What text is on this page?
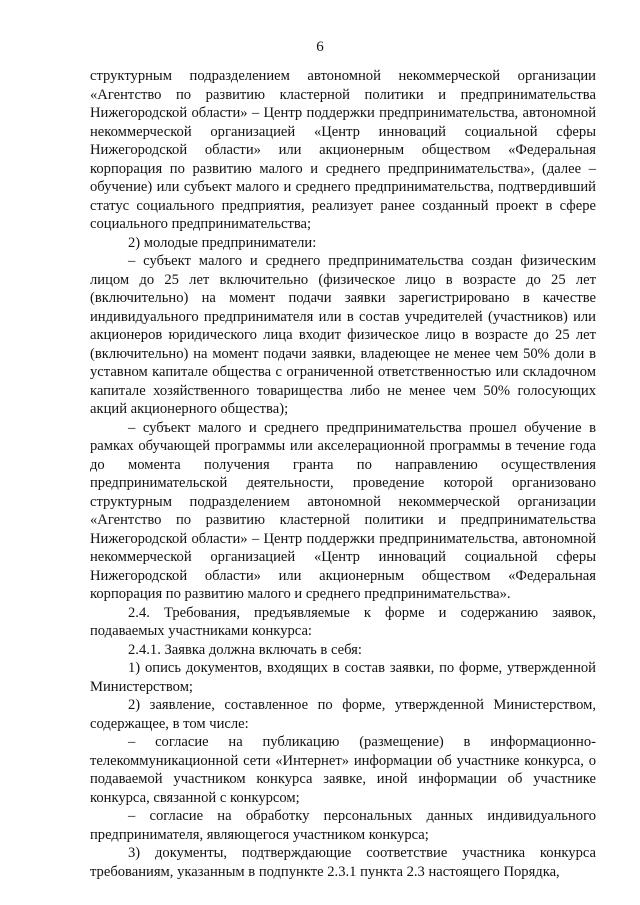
6

структурным подразделением автономной некоммерческой организации «Агентство по развитию кластерной политики и предпринимательства Нижегородской области» – Центр поддержки предпринимательства, автономной некоммерческой организацией «Центр инноваций социальной сферы Нижегородской области» или акционерным обществом «Федеральная корпорация по развитию малого и среднего предпринимательства», (далее – обучение) или субъект малого и среднего предпринимательства, подтвердивший статус социального предприятия, реализует ранее созданный проект в сфере социального предпринимательства;

2) молодые предприниматели:

– субъект малого и среднего предпринимательства создан физическим лицом до 25 лет включительно (физическое лицо в возрасте до 25 лет (включительно) на момент подачи заявки зарегистрировано в качестве индивидуального предпринимателя или в состав учредителей (участников) или акционеров юридического лица входит физическое лицо в возрасте до 25 лет (включительно) на момент подачи заявки, владеющее не менее чем 50% доли в уставном капитале общества с ограниченной ответственностью или складочном капитале хозяйственного товарищества либо не менее чем 50% голосующих акций акционерного общества);

– субъект малого и среднего предпринимательства прошел обучение в рамках обучающей программы или акселерационной программы в течение года до момента получения гранта по направлению осуществления предпринимательской деятельности, проведение которой организовано структурным подразделением автономной некоммерческой организации «Агентство по развитию кластерной политики и предпринимательства Нижегородской области» – Центр поддержки предпринимательства, автономной некоммерческой организацией «Центр инноваций социальной сферы Нижегородской области» или акционерным обществом «Федеральная корпорация по развитию малого и среднего предпринимательства».

2.4. Требования, предъявляемые к форме и содержанию заявок, подаваемых участниками конкурса:

2.4.1. Заявка должна включать в себя:

1) опись документов, входящих в состав заявки, по форме, утвержденной Министерством;

2) заявление, составленное по форме, утвержденной Министерством, содержащее, в том числе:

– согласие на публикацию (размещение) в информационно-телекоммуникационной сети «Интернет» информации об участнике конкурса, о подаваемой участником конкурса заявке, иной информации об участнике конкурса, связанной с конкурсом;

– согласие на обработку персональных данных индивидуального предпринимателя, являющегося участником конкурса;

3) документы, подтверждающие соответствие участника конкурса требованиям, указанным в подпункте 2.3.1 пункта 2.3 настоящего Порядка,
